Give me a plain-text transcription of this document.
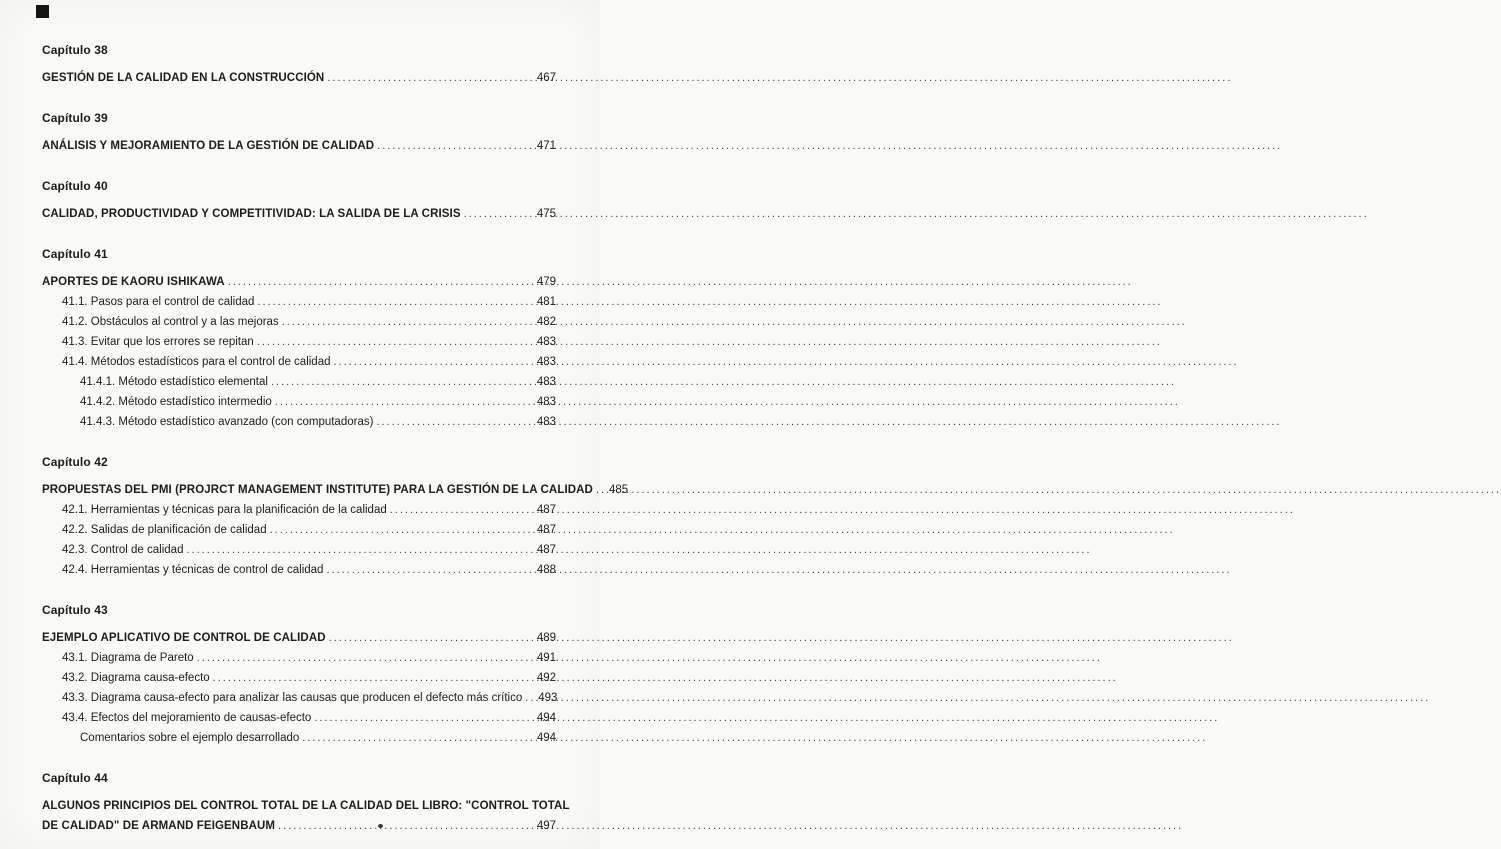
Capítulo 38
GESTIÓN DE LA CALIDAD EN LA CONSTRUCCIÓN .....	467
Capítulo 39
ANÁLISIS Y MEJORAMIENTO DE LA GESTIÓN DE CALIDAD .....	471
Capítulo 40
CALIDAD, PRODUCTIVIDAD Y COMPETITIVIDAD: LA SALIDA DE LA CRISIS .....	475
Capítulo 41
APORTES DE KAORU ISHIKAWA .....	479
41.1. Pasos para el control de calidad .....	481
41.2. Obstáculos al control y a las mejoras .....	482
41.3. Evitar que los errores se repitan .....	483
41.4. Métodos estadísticos para el control de calidad .....	483
41.4.1. Método estadístico elemental .....	483
41.4.2. Método estadístico intermedio .....	483
41.4.3. Método estadístico avanzado (con computadoras) .....	483
Capítulo 42
PROPUESTAS DEL PMI (PROJRCT MANAGEMENT INSTITUTE) PARA LA GESTIÓN DE LA CALIDAD ..... 485
42.1. Herramientas y técnicas para la planificación de la calidad .....	487
42.2. Salidas de planificación de calidad .....	487
42.3. Control de calidad .....	487
42.4. Herramientas y técnicas de control de calidad .....	488
Capítulo 43
EJEMPLO APLICATIVO DE CONTROL DE CALIDAD .....	489
43.1. Diagrama de Pareto .....	491
43.2. Diagrama causa-efecto .....	492
43.3. Diagrama causa-efecto para analizar las causas que producen el defecto más crítico ..... 493
43.4. Efectos del mejoramiento de causas-efecto .....	494
Comentarios sobre el ejemplo desarrollado .....	494
Capítulo 44
ALGUNOS PRINCIPIOS DEL CONTROL TOTAL DE LA CALIDAD DEL LIBRO: "CONTROL TOTAL
DE CALIDAD" DE ARMAND FEIGENBAUM .....	497
